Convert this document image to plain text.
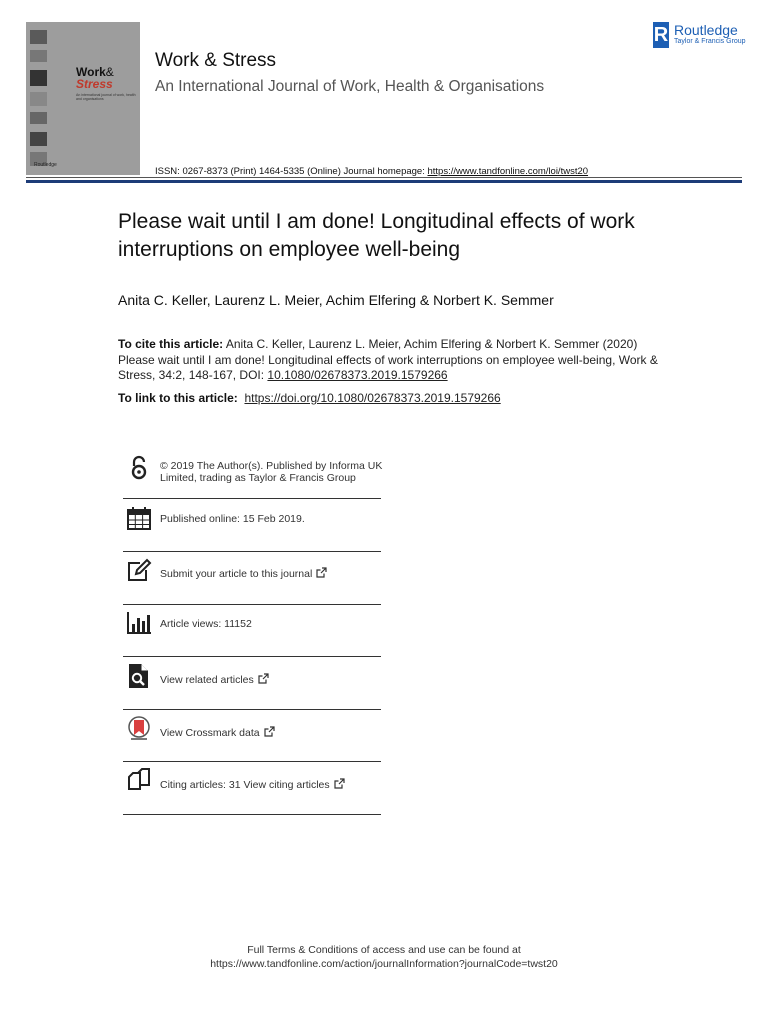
Work&
Stress
An international journal of work, health and organisations
Routledge
Work & Stress
An International Journal of Work, Health & Organisations
R Routledge
Taylor & Francis Group
ISSN: 0267-8373 (Print) 1464-5335 (Online) Journal homepage: https://www.tandfonline.com/loi/twst20
Please wait until I am done! Longitudinal effects of work interruptions on employee well-being
Anita C. Keller, Laurenz L. Meier, Achim Elfering & Norbert K. Semmer
To cite this article: Anita C. Keller, Laurenz L. Meier, Achim Elfering & Norbert K. Semmer (2020) Please wait until I am done! Longitudinal effects of work interruptions on employee well-being, Work & Stress, 34:2, 148-167, DOI: 10.1080/02678373.2019.1579266
To link to this article: https://doi.org/10.1080/02678373.2019.1579266
© 2019 The Author(s). Published by Informa UK Limited, trading as Taylor & Francis Group
Published online: 15 Feb 2019.
Submit your article to this journal
Article views: 11152
View related articles
View Crossmark data
Citing articles: 31 View citing articles
Full Terms & Conditions of access and use can be found at
https://www.tandfonline.com/action/journalInformation?journalCode=twst20
